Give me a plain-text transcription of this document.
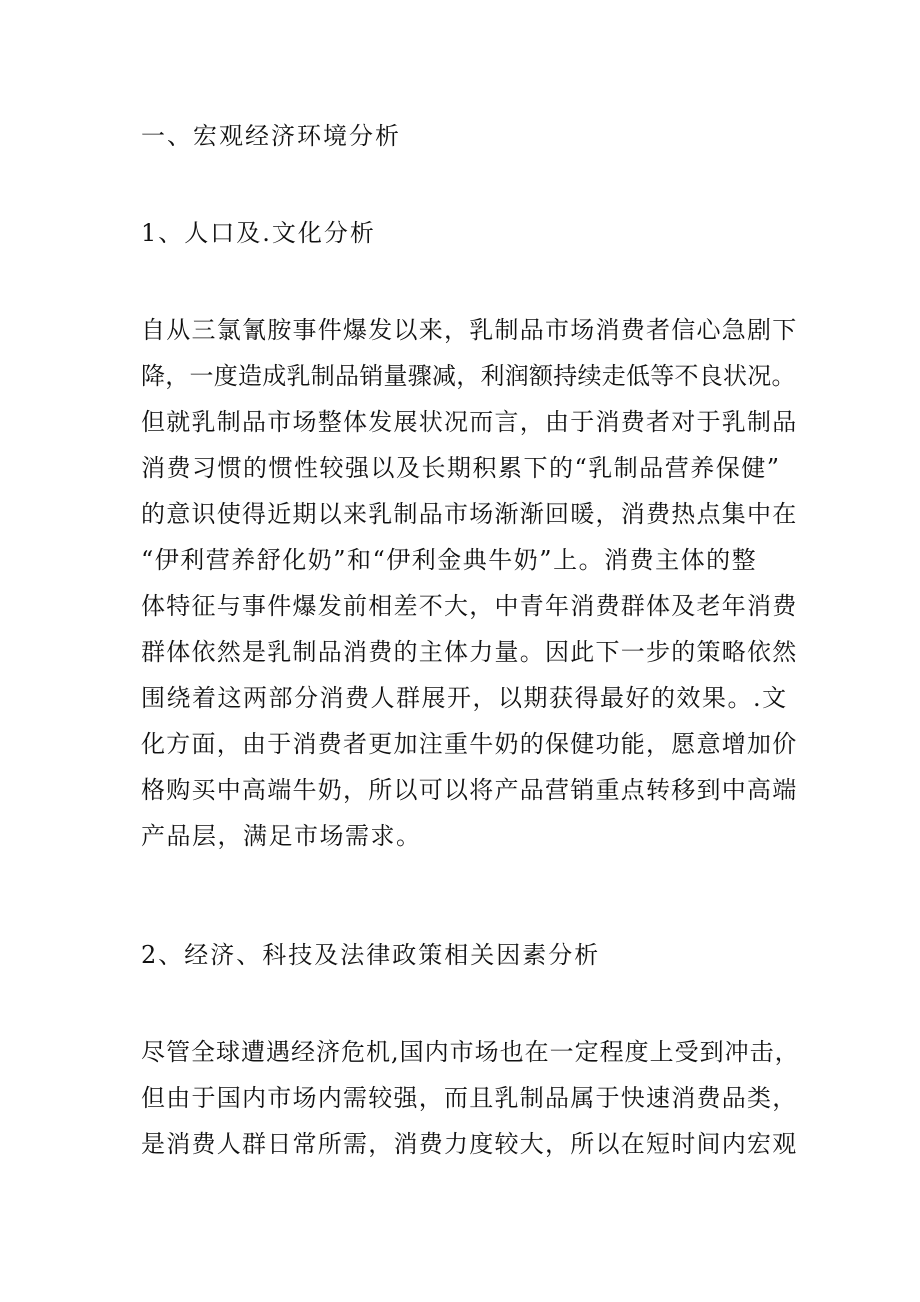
一、宏观经济环境分析
1、人口及.文化分析
自从三氯氰胺事件爆发以来，乳制品市场消费者信心急剧下
降，一度造成乳制品销量骤减，利润额持续走低等不良状况。
但就乳制品市场整体发展状况而言，由于消费者对于乳制品
消费习惯的惯性较强以及长期积累下的“乳制品营养保健”
的意识使得近期以来乳制品市场渐渐回暖，消费热点集中在
“伊利营养舒化奶”和“伊利金典牛奶”上。消费主体的整
体特征与事件爆发前相差不大，中青年消费群体及老年消费
群体依然是乳制品消费的主体力量。因此下一步的策略依然
围绕着这两部分消费人群展开，以期获得最好的效果。.文
化方面，由于消费者更加注重牛奶的保健功能，愿意增加价
格购买中高端牛奶，所以可以将产品营销重点转移到中高端
产品层，满足市场需求。
2、经济、科技及法律政策相关因素分析
尽管全球遭遇经济危机,国内市场也在一定程度上受到冲击，
但由于国内市场内需较强，而且乳制品属于快速消费品类，
是消费人群日常所需，消费力度较大，所以在短时间内宏观
